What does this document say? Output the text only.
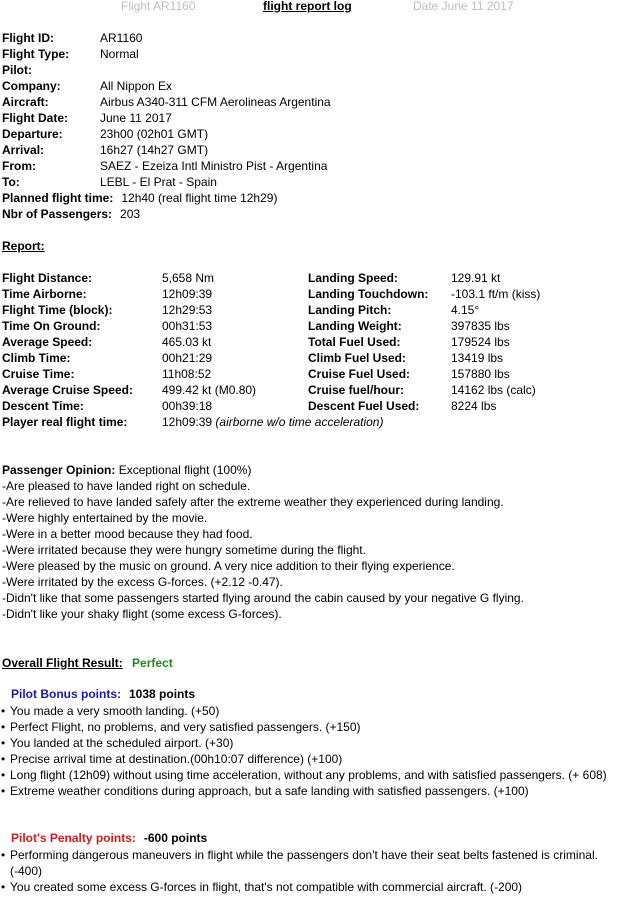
Flight AR1160	flight report log	Date June 11 2017
Flight ID:	AR1160
Flight Type:	Normal
Pilot:
Company:	All Nippon Ex
Aircraft:	Airbus A340-311 CFM Aerolineas Argentina
Flight Date:	June 11 2017
Departure:	23h00 (02h01 GMT)
Arrival:	16h27 (14h27 GMT)
From:	SAEZ - Ezeiza Intl Ministro Pist - Argentina
To:	LEBL - El Prat - Spain
Planned flight time: 12h40 (real flight time 12h29)
Nbr of Passengers: 203
Report:
Flight Distance:	5,658 Nm	Landing Speed:	129.91 kt
Time Airborne:	12h09:39	Landing Touchdown: -103.1 ft/m (kiss)
Flight Time (block):	12h29:53	Landing Pitch:	4.15°
Time On Ground:	00h31:53	Landing Weight:	397835 lbs
Average Speed:	465.03 kt	Total Fuel Used:	179524 lbs
Climb Time:	00h21:29	Climb Fuel Used:	13419 lbs
Cruise Time:	11h08:52	Cruise Fuel Used:	157880 lbs
Average Cruise Speed: 499.42 kt (M0.80)	Cruise fuel/hour:	14162 lbs (calc)
Descent Time:	00h39:18	Descent Fuel Used:	8224 lbs
Player real flight time:	12h09:39 (airborne w/o time acceleration)
Passenger Opinion: Exceptional flight (100%)
-Are pleased to have landed right on schedule.
-Are relieved to have landed safely after the extreme weather they experienced during landing.
-Were highly entertained by the movie.
-Were in a better mood because they had food.
-Were irritated because they were hungry sometime during the flight.
-Were pleased by the music on ground. A very nice addition to their flying experience.
-Were irritated by the excess G-forces. (+2.12 -0.47).
-Didn't like that some passengers started flying around the cabin caused by your negative G flying.
-Didn't like your shaky flight (some excess G-forces).
Overall Flight Result: Perfect
Pilot Bonus points: 1038 points
• You made a very smooth landing. (+50)
• Perfect Flight, no problems, and very satisfied passengers. (+150)
• You landed at the scheduled airport. (+30)
• Precise arrival time at destination.(00h10:07 difference) (+100)
• Long flight (12h09) without using time acceleration, without any problems, and with satisfied passengers. (+ 608)
• Extreme weather conditions during approach, but a safe landing with satisfied passengers. (+100)
Pilot's Penalty points: -600 points
• Performing dangerous maneuvers in flight while the passengers don't have their seat belts fastened is criminal. (-400)
• You created some excess G-forces in flight, that's not compatible with commercial aircraft. (-200)
